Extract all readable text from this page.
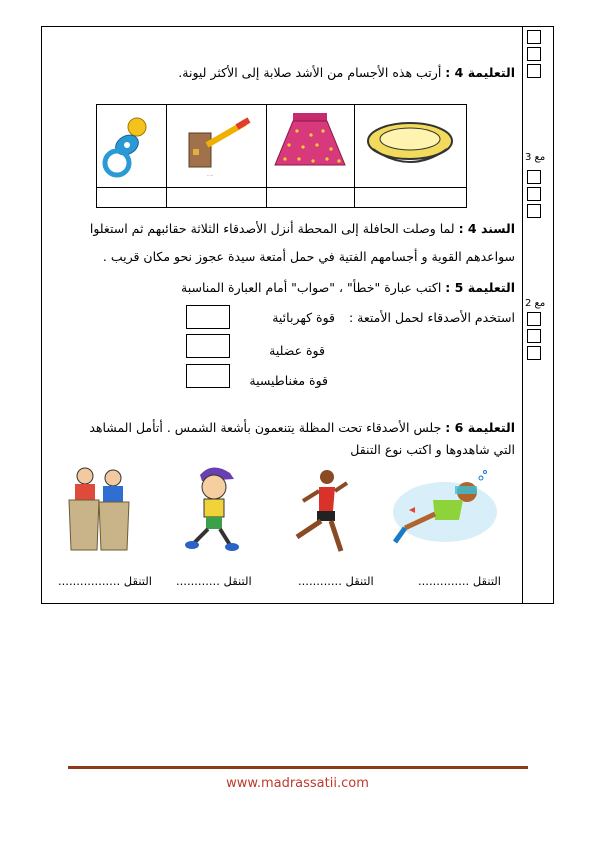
مع 3
مع 2
التعليمة 4 : أرتب هذه الأجسام من الأشد صلابة إلى الأكثر ليونة.
·····
السند 4 : لما وصلت الحافلة إلى المحطة أنزل الأصدقاء الثلاثة حقائبهم ثم استغلوا
سواعدهم القوية و أجسامهم الفتية في حمل أمتعة سيدة عجوز نحو مكان قريب .
التعليمة 5 : اكتب عبارة "خطأ" ، "صواب" أمام العبارة المناسبة
استخدم الأصدقاء لحمل الأمتعة :  قوة كهربائية
قوة عضلية
قوة مغناطيسية
التعليمة 6 : جلس الأصدقاء تحت المظلة يتنعمون بأشعة الشمس . أتأمل المشاهد
التي شاهدوها و اكتب نوع التنقل
التنقل ..............
التنقل ............
التنقل ............
التنقل .................
www.madrassatii.com
